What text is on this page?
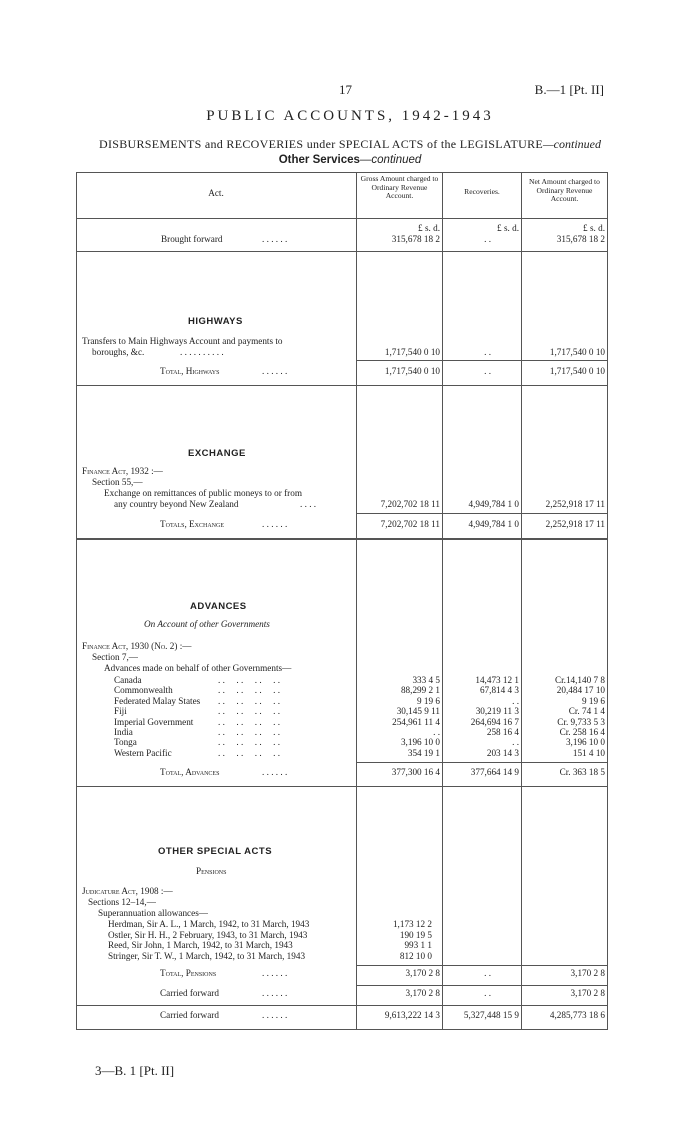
17	B.—1 [Pt. II]
PUBLIC ACCOUNTS, 1942-1943
DISBURSEMENTS and RECOVERIES under SPECIAL ACTS of the LEGISLATURE—continued
Other Services—continued
Act.
Gross Amount charged to Ordinary Revenue Account.	Recoveries.
Net Amount charged to Ordinary Revenue Account.
£ s. d.	£ s. d.	£ s. d.
Brought forward	. . . . . .	315,678 18 2	. .	315,678 18 2
HIGHWAYS
Transfers to Main Highways Account and payments to
boroughs, &c.	. . . . . . . . . .	1,717,540 0 10	. .	1,717,540 0 10
Total, Highways	. . . . . .	1,717,540 0 10	. .	1,717,540 0 10
EXCHANGE
Finance Act, 1932 :—
Section 55,—
Exchange on remittances of public moneys to or from
any country beyond New Zealand	. . . .	7,202,702 18 11	4,949,784 1 0	2,252,918 17 11
Totals, Exchange	. . . . . .	7,202,702 18 11	4,949,784 1 0	2,252,918 17 11
ADVANCES
On Account of other Governments
Finance Act, 1930 (No. 2) :—
Section 7,—
Advances made on behalf of other Governments—
Canada	. .     . .     . .     . .	333 4 5	14,473 12 1	Cr.14,140 7 8
Commonwealth	. .     . .     . .     . .	88,299 2 1	67,814 4 3	20,484 17 10
Federated Malay States . .     . .     . .     . .	9 19 6	. .	9 19 6
Fiji	. .     . .     . .     . .	30,145 9 11	30,219 11 3	Cr. 74 1 4
Imperial Government	. .     . .     . .     . .	254,961 11 4	264,694 16 7	Cr. 9,733 5 3
India	. .     . .     . .     . .	. .	258 16 4	Cr. 258 16 4
Tonga	. .     . .     . .     . .	3,196 10 0	. .	3,196 10 0
Western Pacific	. .     . .     . .     . .	354 19 1	203 14 3	151 4 10
Total, Advances	. . . . . .	377,300 16 4	377,664 14 9	Cr. 363 18 5
OTHER SPECIAL ACTS
Pensions
Judicature Act, 1908 :—
Sections 12–14,—
Superannuation allowances—
Herdman, Sir A. L., 1 March, 1942, to 31 March, 1943	1,173 12 2
Ostler, Sir H. H., 2 February, 1943, to 31 March, 1943	190 19 5
Reed, Sir John, 1 March, 1942, to 31 March, 1943	993 1 1
Stringer, Sir T. W., 1 March, 1942, to 31 March, 1943	812 10 0
Total, Pensions	. . . . . .	3,170 2 8	. .	3,170 2 8
Carried forward	. . . . . .	3,170 2 8	. .	3,170 2 8
Carried forward	. . . . . .	9,613,222 14 3	5,327,448 15 9	4,285,773 18 6
3—B. 1 [Pt. II]
